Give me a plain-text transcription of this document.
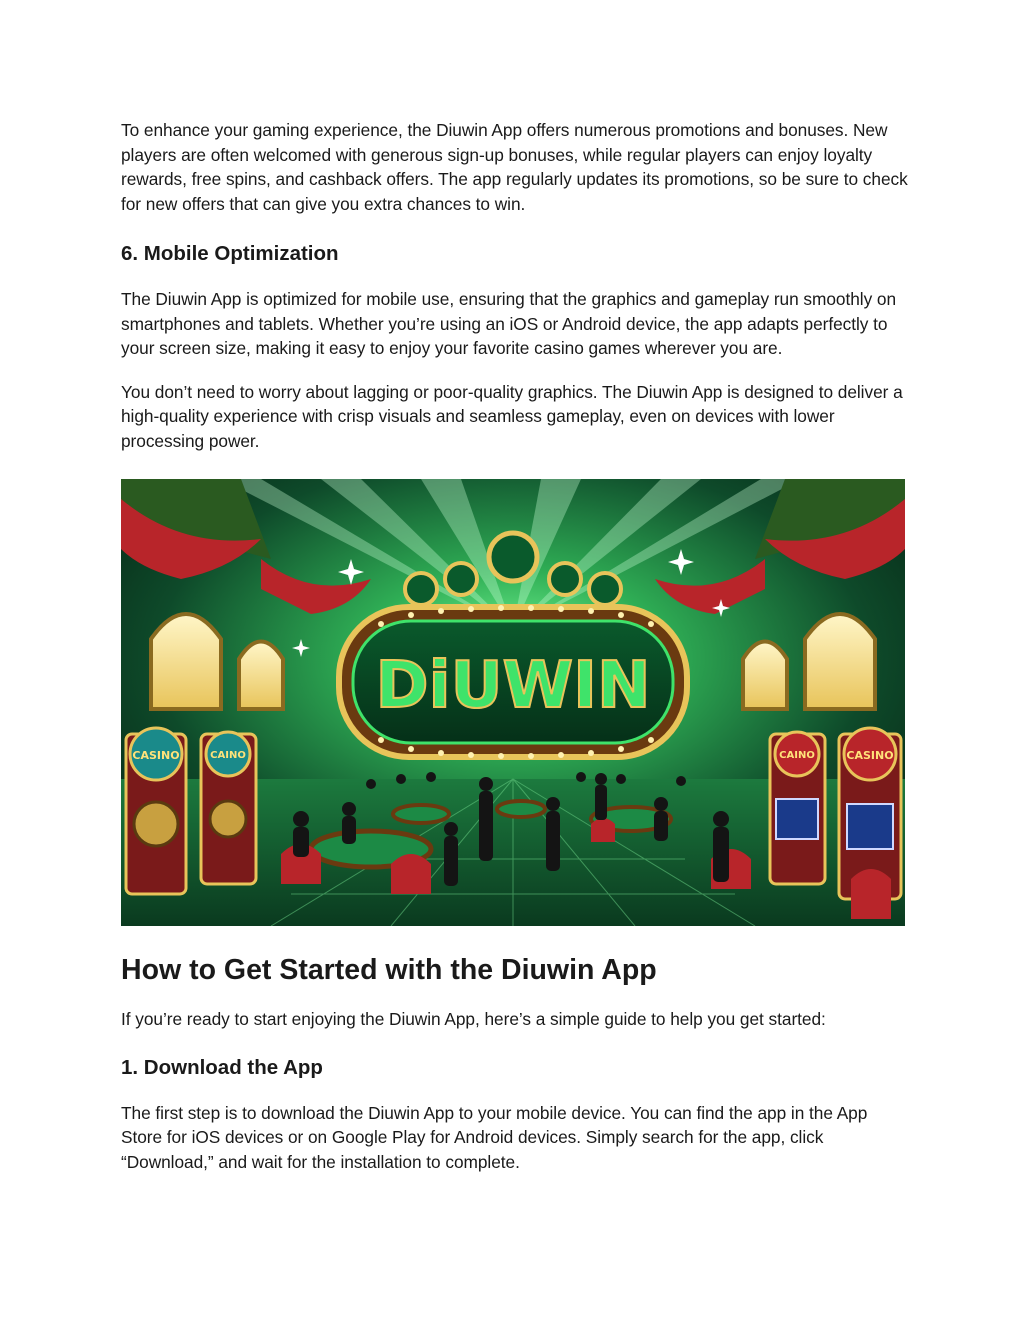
To enhance your gaming experience, the Diuwin App offers numerous promotions and bonuses. New players are often welcomed with generous sign-up bonuses, while regular players can enjoy loyalty rewards, free spins, and cashback offers. The app regularly updates its promotions, so be sure to check for new offers that can give you extra chances to win.

6. Mobile Optimization

The Diuwin App is optimized for mobile use, ensuring that the graphics and gameplay run smoothly on smartphones and tablets. Whether you’re using an iOS or Android device, the app adapts perfectly to your screen size, making it easy to enjoy your favorite casino games wherever you are.

You don’t need to worry about lagging or poor-quality graphics. The Diuwin App is designed to deliver a high-quality experience with crisp visuals and seamless gameplay, even on devices with lower processing power.

DiUWIN
CASINO	CAINO	CAINO	CASINO
How to Get Started with the Diuwin App

If you’re ready to start enjoying the Diuwin App, here’s a simple guide to help you get started:

1. Download the App

The first step is to download the Diuwin App to your mobile device. You can find the app in the App Store for iOS devices or on Google Play for Android devices. Simply search for the app, click “Download,” and wait for the installation to complete.
